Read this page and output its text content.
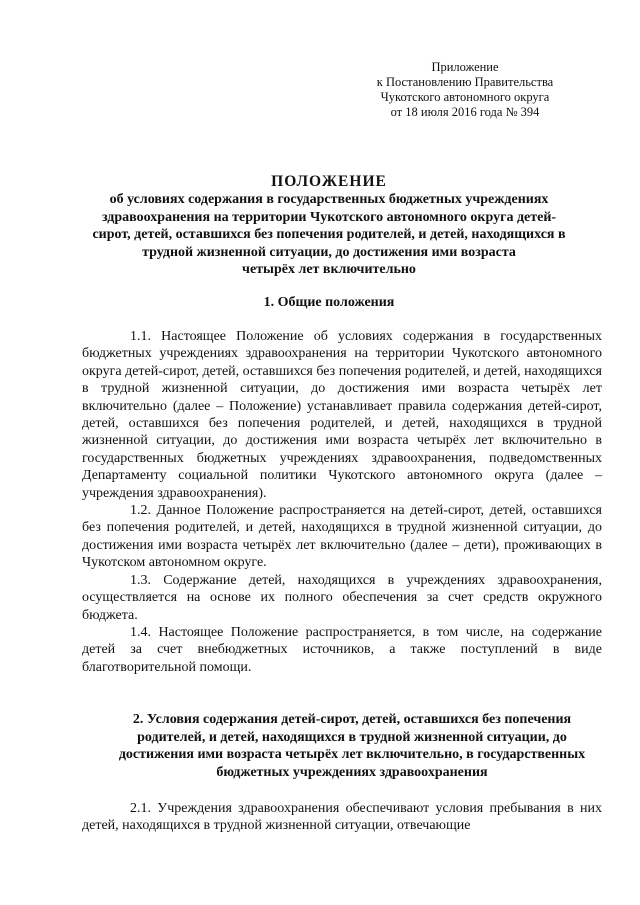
Приложение
к Постановлению Правительства
Чукотского автономного округа
от 18 июля 2016 года № 394
ПОЛОЖЕНИЕ
об условиях содержания в государственных бюджетных учреждениях
здравоохранения на территории Чукотского автономного округа детей-
сирот, детей, оставшихся без попечения родителей, и детей, находящихся в
трудной жизненной ситуации, до достижения ими возраста
четырёх лет включительно
1. Общие положения

1.1. Настоящее Положение об условиях содержания в государственных бюджетных учреждениях здравоохранения на территории Чукотского автономного округа детей-сирот, детей, оставшихся без попечения родителей, и детей, находящихся в трудной жизненной ситуации, до достижения ими возраста четырёх лет включительно (далее – Положение) устанавливает правила содержания детей-сирот, детей, оставшихся без попечения родителей, и детей, находящихся в трудной жизненной ситуации, до достижения ими возраста четырёх лет включительно в государственных бюджетных учреждениях здравоохранения, подведомственных Департаменту социальной политики Чукотского автономного округа (далее – учреждения здравоохранения).

1.2. Данное Положение распространяется на детей-сирот, детей, оставшихся без попечения родителей, и детей, находящихся в трудной жизненной ситуации, до достижения ими возраста четырёх лет включительно (далее – дети), проживающих в Чукотском автономном округе.

1.3. Содержание детей, находящихся в учреждениях здравоохранения, осуществляется на основе их полного обеспечения за счет средств окружного бюджета.

1.4. Настоящее Положение распространяется, в том числе, на содержание детей за счет внебюджетных источников, а также поступлений в виде благотворительной помощи.

2. Условия содержания детей-сирот, детей, оставшихся без попечения
родителей, и детей, находящихся в трудной жизненной ситуации, до
достижения ими возраста четырёх лет включительно, в государственных
бюджетных учреждениях здравоохранения

2.1. Учреждения здравоохранения обеспечивают условия пребывания в них детей, находящихся в трудной жизненной ситуации, отвечающие
